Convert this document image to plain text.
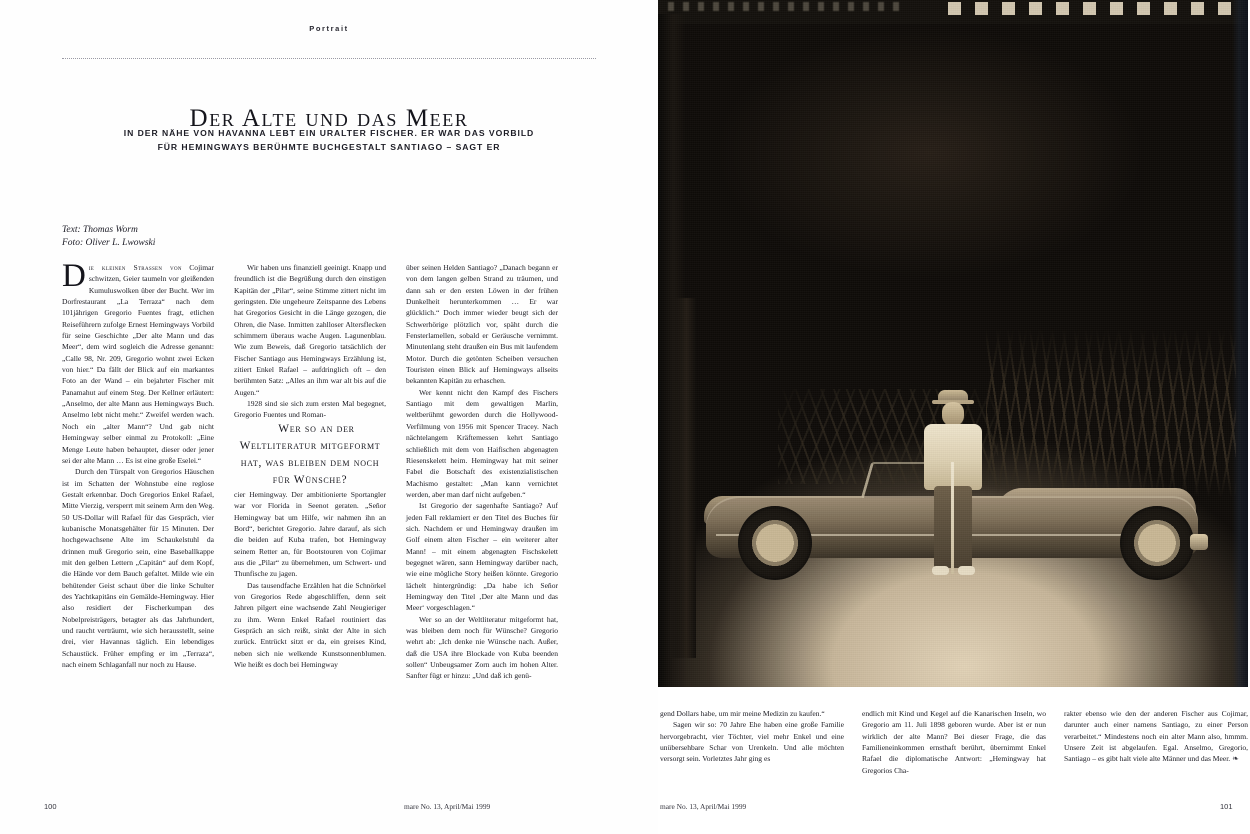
Portrait
Der Alte und das Meer
IN DER NÄHE VON HAVANNA LEBT EIN URALTER FISCHER. ER WAR DAS VORBILD
FÜR HEMINGWAYS BERÜHMTE BUCHGESTALT SANTIAGO – SAGT ER
Text: Thomas Worm
Foto: Oliver L. Lwowski

Die kleinen Strassen von Cojimar schwitzen, Geier taumeln vor gleißenden Kumuluswolken über der Bucht. Wer im Dorfrestaurant „La Terraza“ nach dem 101jährigen Gregorio Fuentes fragt, etlichen Reiseführern zufolge Ernest Hemingways Vorbild für seine Geschichte „Der alte Mann und das Meer“, dem wird sogleich die Adresse genannt: „Calle 98, Nr. 209, Gregorio wohnt zwei Ecken von hier.“ Da fällt der Blick auf ein markantes Foto an der Wand – ein bejahrter Fischer mit Panamahut auf einem Steg. Der Kellner erläutert: „Anselmo, der alte Mann aus Hemingways Buch. Anselmo lebt nicht mehr.“ Zweifel werden wach. Noch ein „alter Mann“? Und gab nicht Hemingway selber einmal zu Protokoll: „Eine Menge Leute haben behauptet, dieser oder jener sei der alte Mann … Es ist eine große Eselei.“

Durch den Türspalt von Gregorios Häuschen ist im Schatten der Wohnstube eine reglose Gestalt erkennbar. Doch Gregorios Enkel Rafael, Mitte Vierzig, versperrt mit seinem Arm den Weg. 50 US-Dollar will Rafael für das Gespräch, vier kubanische Monatsgehälter für 15 Minuten. Der hochgewachsene Alte im Schaukelstuhl da drinnen muß Gregorio sein, eine Baseballkappe mit den gelben Lettern „Capitán“ auf dem Kopf, die Hände vor dem Bauch gefaltet. Milde wie ein behütender Geist schaut über die linke Schulter des Yachtkapitäns ein Gemälde-Hemingway. Hier also residiert der Fischerkumpan des Nobelpreisträgers, betagter als das Jahrhundert, und raucht verträumt, wie sich herausstellt, seine drei, vier Havannas täglich. Ein lebendiges Schaustück. Früher empfing er im „Terraza“, nach einem Schlaganfall nur noch zu Hause.

Wir haben uns finanziell geeinigt. Knapp und freundlich ist die Begrüßung durch den einstigen Kapitän der „Pilar“, seine Stimme zittert nicht im geringsten. Die ungeheure Zeitspanne des Lebens hat Gregorios Gesicht in die Länge gezogen, die Ohren, die Nase. Inmitten zahlloser Altersflecken schimmern überaus wache Augen. Lagunenblau. Wie zum Beweis, daß Gregorio tatsächlich der Fischer Santiago aus Hemingways Erzählung ist, zitiert Enkel Rafael – aufdringlich oft – den berühmten Satz: „Alles an ihm war alt bis auf die Augen.“

1928 sind sie sich zum ersten Mal begegnet, Gregorio Fuentes und Roman-

Wer so an der Weltliteratur mitgeformt hat, was bleiben dem noch für Wünsche?

cier Hemingway. Der ambitionierte Sportangler war vor Florida in Seenot geraten. „Señor Hemingway bat um Hilfe, wir nahmen ihn an Bord“, berichtet Gregorio. Jahre darauf, als sich die beiden auf Kuba trafen, bot Hemingway seinem Retter an, für Bootstouren von Cojimar aus die „Pilar“ zu übernehmen, um Schwert- und Thunfische zu jagen.

Das tausendfache Erzählen hat die Schnörkel von Gregorios Rede abgeschliffen, denn seit Jahren pilgert eine wachsende Zahl Neugieriger zu ihm. Wenn Enkel Rafael routiniert das Gespräch an sich reißt, sinkt der Alte in sich zurück. Entrückt sitzt er da, ein greises Kind, neben sich nie welkende Kunstsonnenblumen. Wie heißt es doch bei Hemingway

über seinen Helden Santiago? „Danach begann er von dem langen gelben Strand zu träumen, und dann sah er den ersten Löwen in der frühen Dunkelheit herunterkommen … Er war glücklich.“ Doch immer wieder beugt sich der Schwerhörige plötzlich vor, späht durch die Fensterlamellen, sobald er Geräusche vernimmt. Minutenlang steht draußen ein Bus mit laufendem Motor. Durch die getönten Scheiben versuchen Touristen einen Blick auf Hemingways allseits bekannten Kapitän zu erhaschen.

Wer kennt nicht den Kampf des Fischers Santiago mit dem gewaltigen Marlin, weltberühmt geworden durch die Hollywood-Verfilmung von 1956 mit Spencer Tracey. Nach nächtelangem Kräftemessen kehrt Santiago schließlich mit dem von Haifischen abgenagten Riesenskelett heim. Hemingway hat mit seiner Fabel die Botschaft des existenzialistischen Machismo gestaltet: „Man kann vernichtet werden, aber man darf nicht aufgeben.“

Ist Gregorio der sagenhafte Santiago? Auf jeden Fall reklamiert er den Titel des Buches für sich. Nachdem er und Hemingway draußen im Golf einem alten Fischer – ein weiterer alter Mann! – mit einem abgenagten Fischskelett begegnet wären, sann Hemingway darüber nach, wie eine mögliche Story heißen könnte. Gregorio lächelt hintergründig: „Da habe ich Señor Hemingway den Titel ‚Der alte Mann und das Meer‘ vorgeschlagen.“

Wer so an der Weltliteratur mitgeformt hat, was bleiben dem noch für Wünsche? Gregorio wehrt ab: „Ich denke nie Wünsche nach. Außer, daß die USA ihre Blockade von Kuba beenden sollen“ Unbeugsamer Zorn auch im hohen Alter. Sanfter fügt er hinzu: „Und daß ich genü-

100	mare No. 13, April/Mai 1999

gend Dollars habe, um mir meine Medizin zu kaufen.“

Sagen wir so: 70 Jahre Ehe haben eine große Familie hervorgebracht, vier Töchter, viel mehr Enkel und eine unübersehbare Schar von Urenkeln. Und alle möchten versorgt sein. Vorletztes Jahr ging es

endlich mit Kind und Kegel auf die Kanarischen Inseln, wo Gregorio am 11. Juli 1898 geboren wurde. Aber ist er nun wirklich der alte Mann? Bei dieser Frage, die das Familieneinkommen ernsthaft berührt, übernimmt Enkel Rafael die diplomatische Antwort: „Hemingway hat Gregorios Cha-

rakter ebenso wie den der anderen Fischer aus Cojimar, darunter auch einer namens Santiago, zu einer Person verarbeitet.“ Mindestens noch ein alter Mann also, hmmm. Unsere Zeit ist abgelaufen. Egal. Anselmo, Gregorio, Santiago – es gibt halt viele alte Männer und das Meer. ❧

mare No. 13, April/Mai 1999	101
